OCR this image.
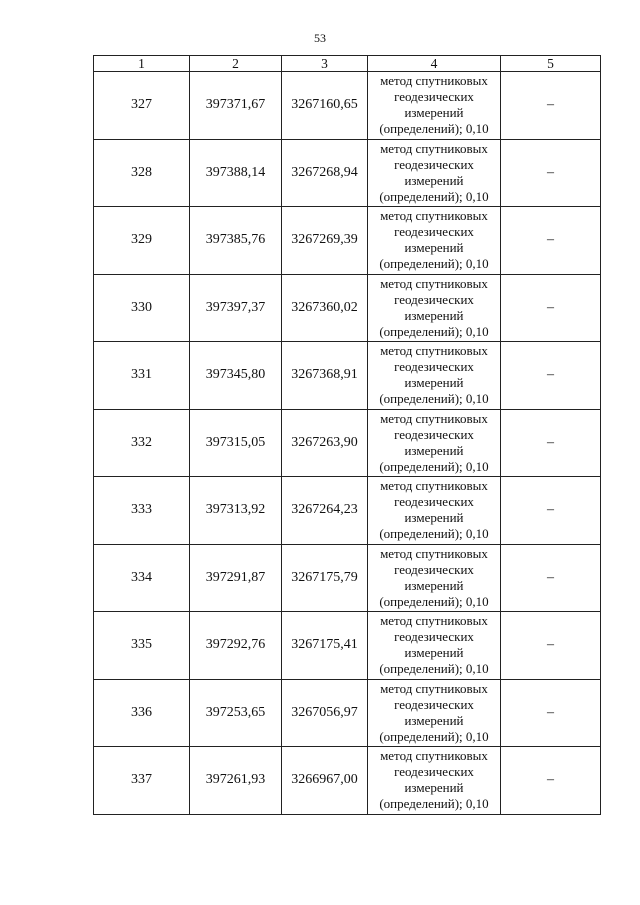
53
1	2	3	4	5
327	397371,67	3267160,65	метод спутниковых геодезических измерений (определений); 0,10	–
328	397388,14	3267268,94	метод спутниковых геодезических измерений (определений); 0,10	–
329	397385,76	3267269,39	метод спутниковых геодезических измерений (определений); 0,10	–
330	397397,37	3267360,02	метод спутниковых геодезических измерений (определений); 0,10	–
331	397345,80	3267368,91	метод спутниковых геодезических измерений (определений); 0,10	–
332	397315,05	3267263,90	метод спутниковых геодезических измерений (определений); 0,10	–
333	397313,92	3267264,23	метод спутниковых геодезических измерений (определений); 0,10	–
334	397291,87	3267175,79	метод спутниковых геодезических измерений (определений); 0,10	–
335	397292,76	3267175,41	метод спутниковых геодезических измерений (определений); 0,10	–
336	397253,65	3267056,97	метод спутниковых геодезических измерений (определений); 0,10	–
337	397261,93	3266967,00	метод спутниковых геодезических измерений (определений); 0,10	–
